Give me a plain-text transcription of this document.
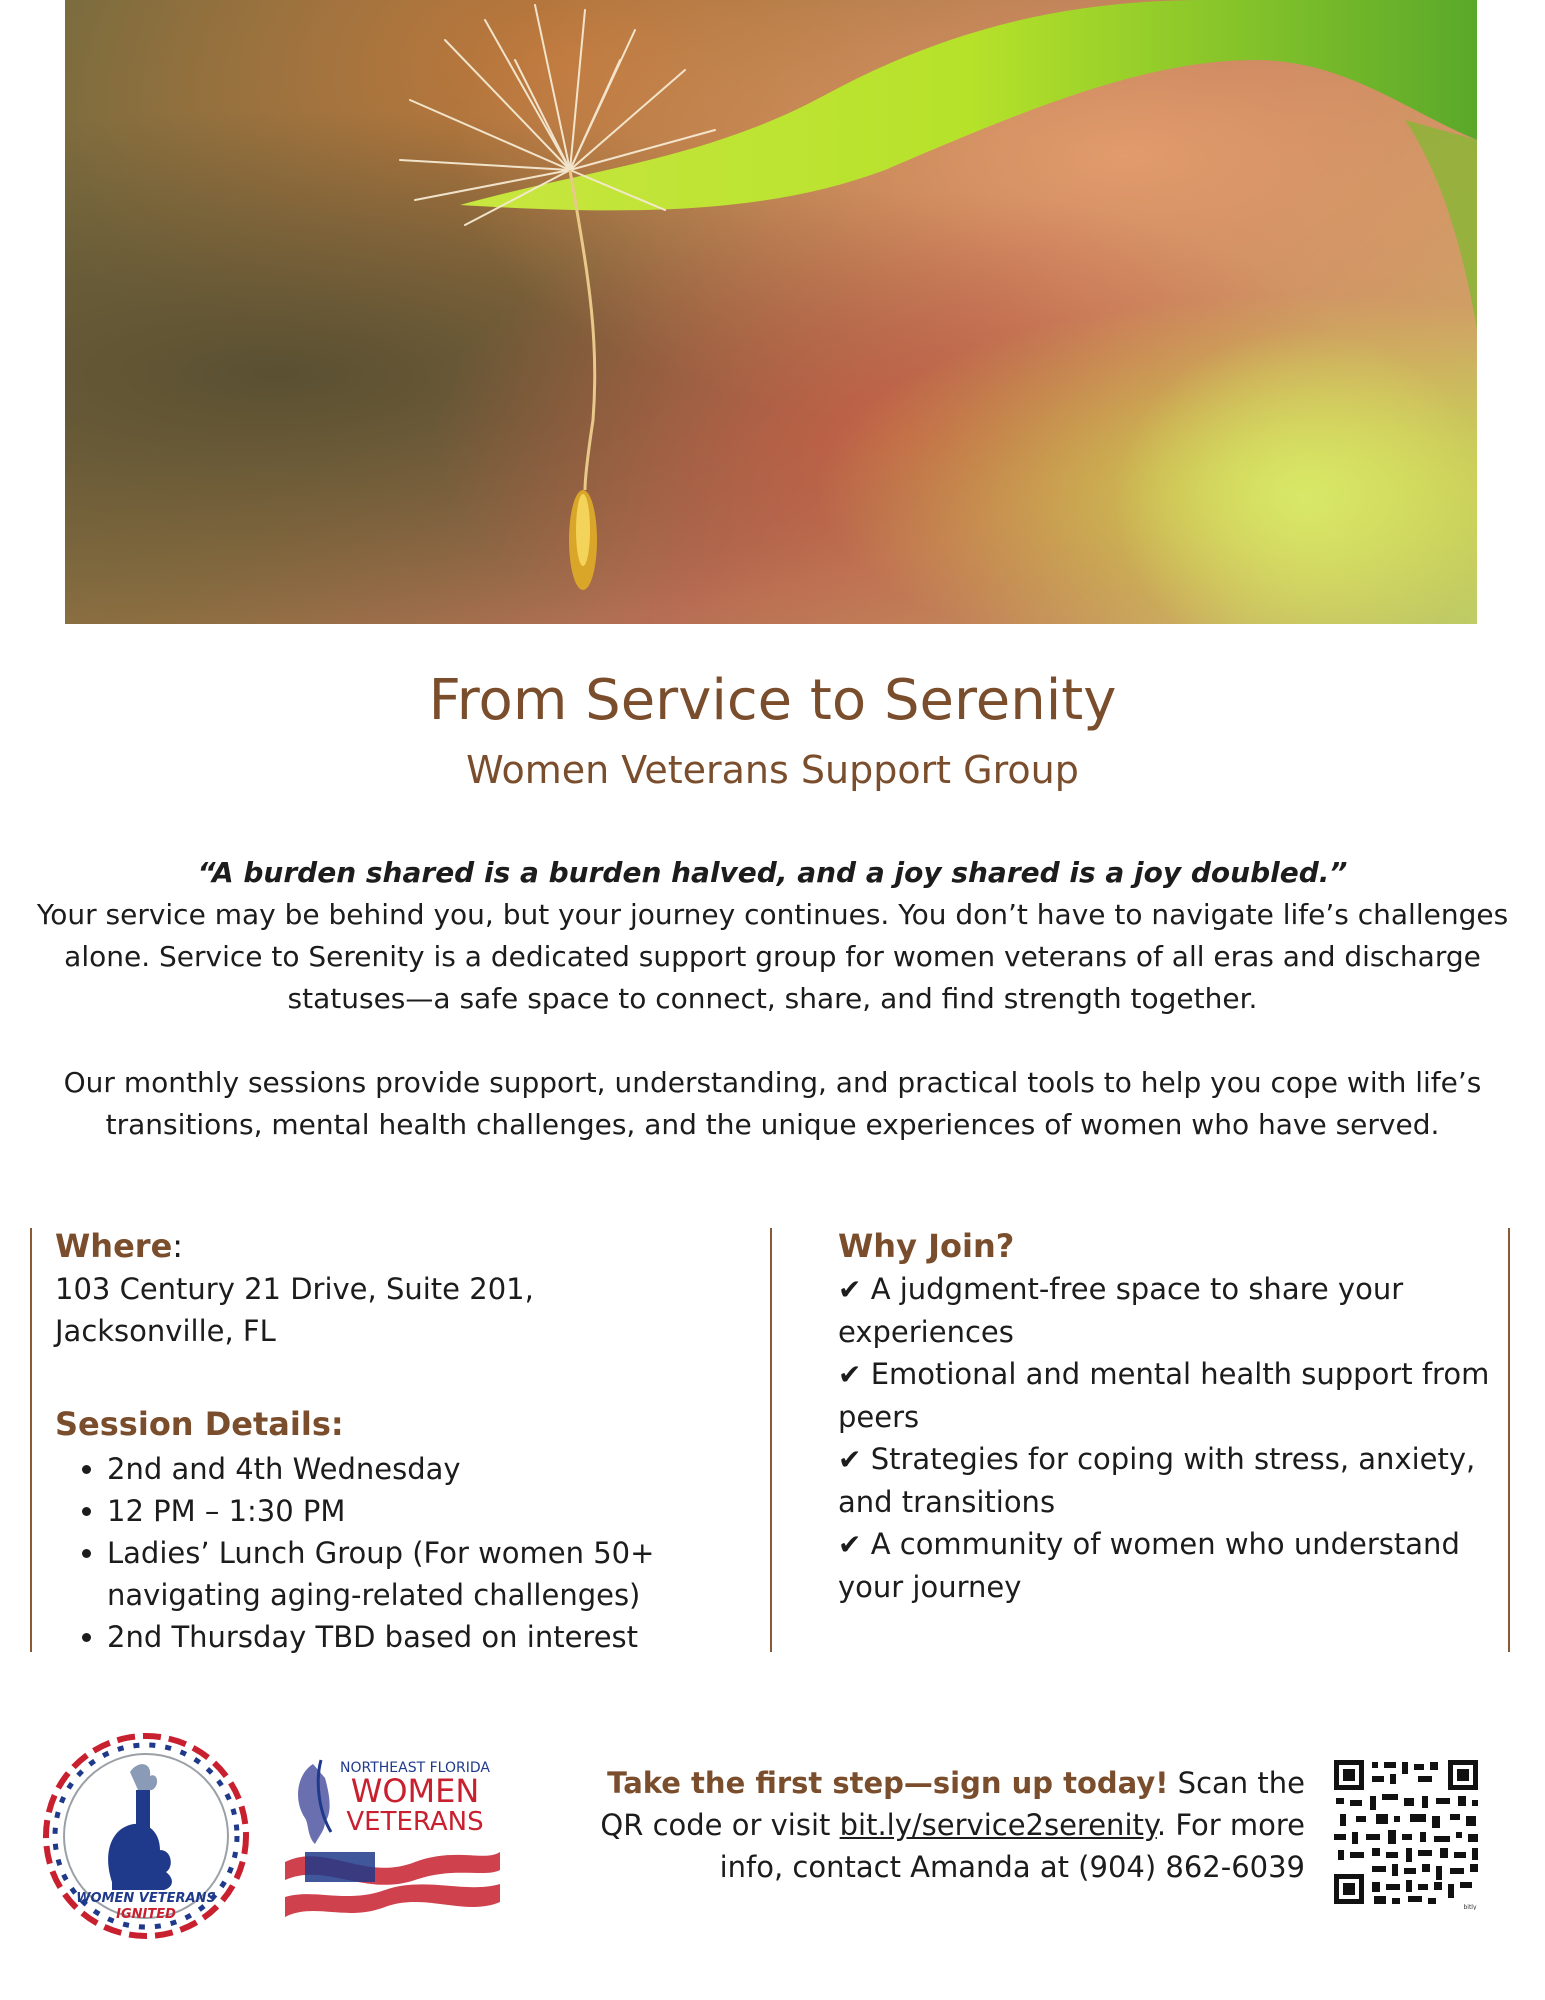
From Service to Serenity
Women Veterans Support Group
“A burden shared is a burden halved, and a joy shared is a joy doubled.”
Your service may be behind you, but your journey continues. You don’t have to navigate life’s challenges alone. Service to Serenity is a dedicated support group for women veterans of all eras and discharge statuses—a safe space to connect, share, and find strength together.
Our monthly sessions provide support, understanding, and practical tools to help you cope with life’s transitions, mental health challenges, and the unique experiences of women who have served.
Where:
103 Century 21 Drive, Suite 201,
Jacksonville, FL
Session Details:
• 2nd and 4th Wednesday
• 12 PM – 1:30 PM
• Ladies’ Lunch Group (For women 50+ navigating aging-related challenges)
• 2nd Thursday TBD based on interest
Why Join?
✔ A judgment-free space to share your experiences
✔ Emotional and mental health support from peers
✔ Strategies for coping with stress, anxiety, and transitions
✔ A community of women who understand your journey
WOMEN VETERANS
IGNITED
NORTHEAST FLORIDA
WOMEN
VETERANS
Take the first step—sign up today! Scan the QR code or visit bit.ly/service2serenity. For more info, contact Amanda at (904) 862-6039
bitly
